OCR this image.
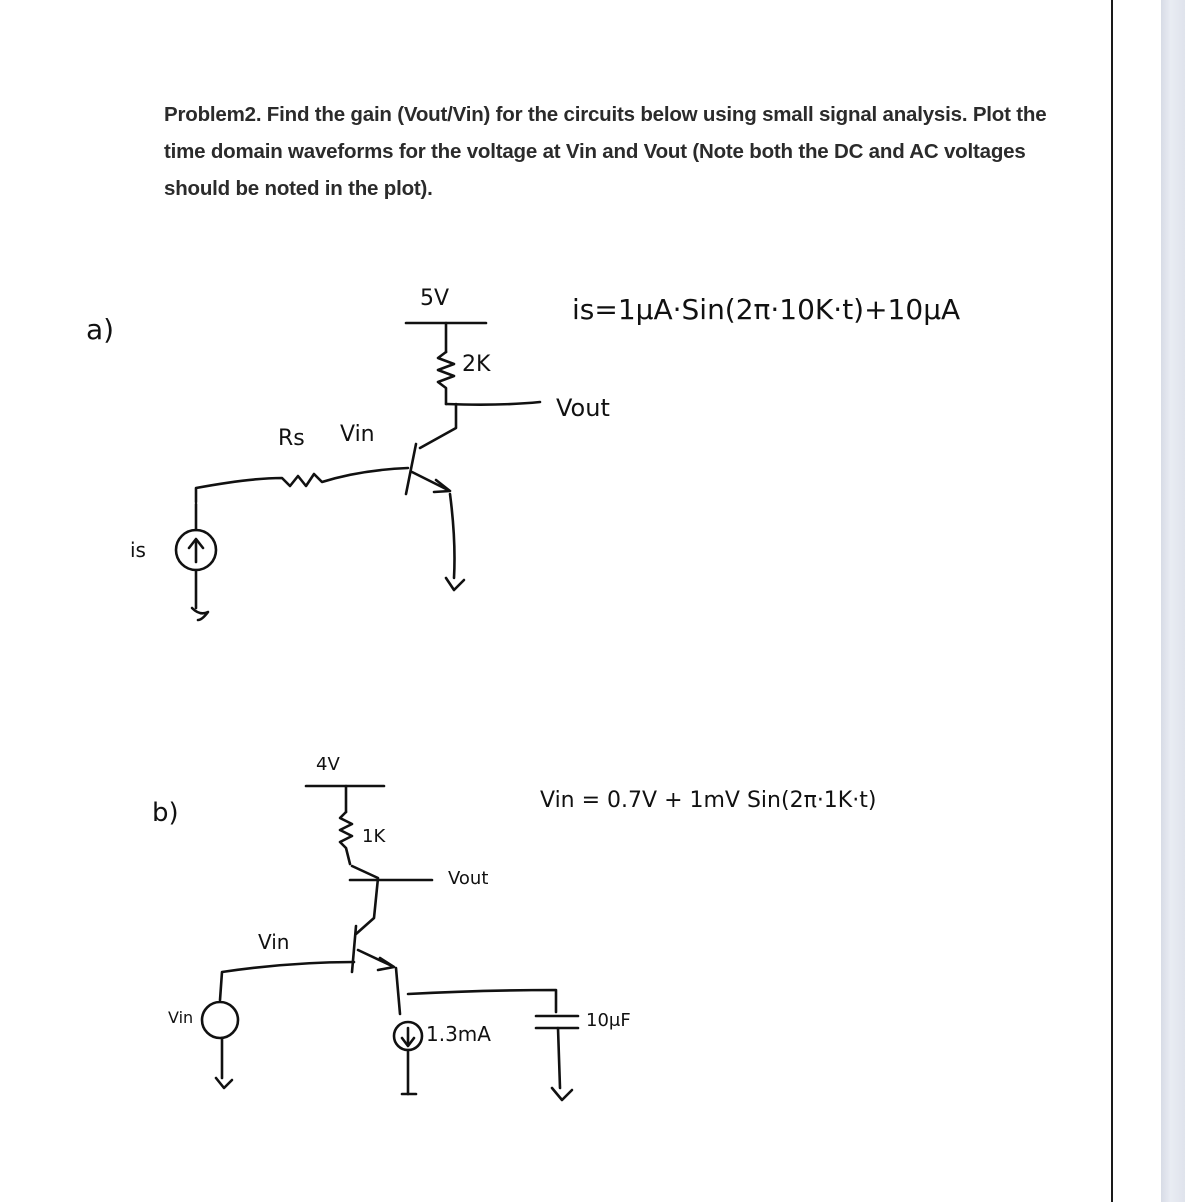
Problem2. Find the gain (Vout/Vin) for the circuits below using small signal analysis. Plot the time domain waveforms for the voltage at Vin and Vout (Note both the DC and AC voltages should be noted in the plot).
a)
5V
2K
Rs Vin
Vout
is
is=1μA·Sin(2π·10K·t)+10μA
b)
4V
1K
Vout
Vin
Vin
1.3mA
10μF
Vin = 0.7V + 1mV Sin(2π·1K·t)
